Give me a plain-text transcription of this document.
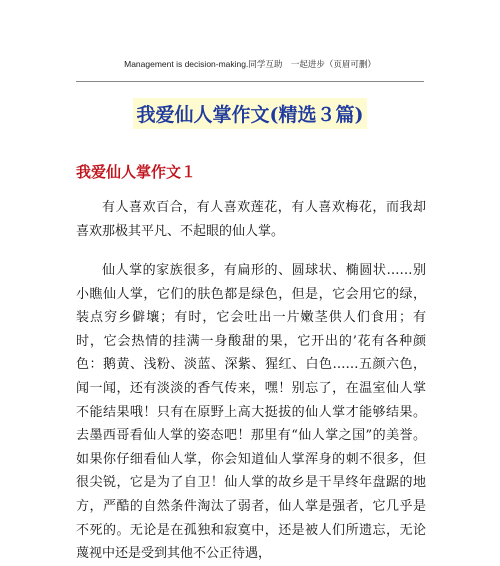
Management is decision-making.同学互助　一起进步（页眉可删）
我爱仙人掌作文(精选３篇)
我爱仙人掌作文１

有人喜欢百合，有人喜欢莲花，有人喜欢梅花，而我却喜欢那极其平凡、不起眼的仙人掌。

仙人掌的家族很多，有扁形的、圆球状、椭圆状……别小瞧仙人掌，它们的肤色都是绿色，但是，它会用它的绿，装点穷乡僻壤；有时，它会吐出一片嫩茎供人们食用；有时，它会热情的挂满一身酸甜的果，它开出的’花有各种颜色：鹅黄、浅粉、淡蓝、深紫、猩红、白色……五颜六色，闻一闻，还有淡淡的香气传来，嘿！别忘了，在温室仙人掌不能结果哦！只有在原野上高大挺拔的仙人掌才能够结果。去墨西哥看仙人掌的姿态吧！那里有“仙人掌之国”的美誉。如果你仔细看仙人掌，你会知道仙人掌浑身的刺不很多，但很尖锐，它是为了自卫！仙人掌的故乡是干旱终年盘踞的地方，严酷的自然条件淘汰了弱者，仙人掌是强者，它几乎是不死的。无论是在孤独和寂寞中，还是被人们所遗忘，无论蔑视中还是受到其他不公正待遇，
